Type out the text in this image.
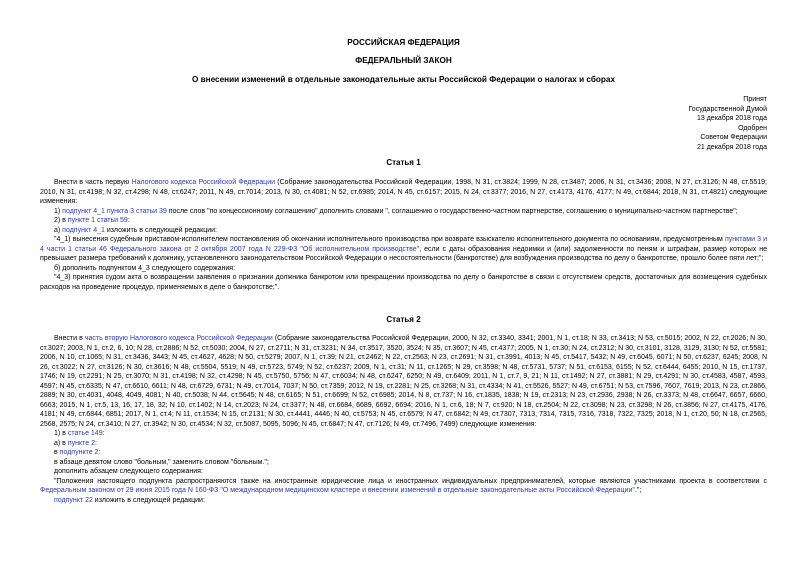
РОССИЙСКАЯ ФЕДЕРАЦИЯ
ФЕДЕРАЛЬНЫЙ ЗАКОН
О внесении изменений в отдельные законодательные акты Российской Федерации о налогах и сборах
Принят
Государственной Думой
13 декабря 2018 года
Одобрен
Советом Федерации
21 декабря 2018 года
Статья 1

Внести в часть первую Налогового кодекса Российской Федерации (Собрание законодательства Российской Федерации, 1998, N 31, ст.3824; 1999, N 28, ст.3487; 2006, N 31, ст.3436; 2008, N 27, ст.3126; N 48, ст.5519; 2010, N 31, ст.4198; N 32, ст.4298; N 48, ст.6247; 2011, N 49, ст.7014; 2013, N 30, ст.4081; N 52, ст.6985; 2014, N 45, ст.6157; 2015, N 24, ст.3377; 2016, N 27, ст.4173, 4176, 4177; N 49, ст.6844; 2018, N 31, ст.4821) следующие изменения:

1) подпункт 4_1 пункта 3 статьи 39 после слов "по концессионному соглашению" дополнить словами ", соглашению о государственно-частном партнерстве, соглашению о муниципально-частном партнерстве";

2) в пункте 1 статьи 59:

а) подпункт 4_1 изложить в следующей редакции:

"4_1) вынесения судебным приставом-исполнителем постановления об окончании исполнительного производства при возврате взыскателю исполнительного документа по основаниям, предусмотренным пунктами 3 и 4 части 1 статьи 46 Федерального закона от 2 октября 2007 года N 229-ФЗ "Об исполнительном производстве", если с даты образования недоимки и (или) задолженности по пеням и штрафам, размер которых не превышает размера требований к должнику, установленного законодательством Российской Федерации о несостоятельности (банкротстве) для возбуждения производства по делу о банкротстве, прошло более пяти лет;";

б) дополнить подпунктом 4_3 следующего содержания:

"4_3) принятия судом акта о возвращении заявления о признании должника банкротом или прекращении производства по делу о банкротстве в связи с отсутствием средств, достаточных для возмещения судебных расходов на проведение процедур, применяемых в деле о банкротстве;".

Статья 2

Внести в часть вторую Налогового кодекса Российской Федерации (Собрание законодательства Российской Федерации, 2000, N 32, ст.3340, 3341; 2001, N 1, ст.18; N 33, ст.3413; N 53, ст.5015; 2002, N 22, ст.2026; N 30, ст.3027; 2003, N 1, ст.2, 6, 10; N 28, ст.2886; N 52, ст.5030; 2004, N 27, ст.2711; N 31, ст.3231; N 34, ст.3517, 3520, 3524; N 35, ст.3607; N 45, ст.4377; 2005, N 1, ст.30; N 24, ст.2312; N 30, ст.3101, 3128, 3129, 3130; N 52, ст.5581; 2006, N 10, ст.1065; N 31, ст.3436, 3443; N 45, ст.4627, 4628; N 50, ст.5279; 2007, N 1, ст.39; N 21, ст.2462; N 22, ст.2563; N 23, ст.2691; N 31, ст.3991, 4013; N 45, ст.5417, 5432; N 49, ст.6045, 6071; N 50, ст.6237, 6245; 2008, N 26, ст.3022; N 27, ст.3126; N 30, ст.3616; N 48, ст.5504, 5519; N 49, ст.5723, 5749; N 52, ст.6237; 2009, N 1, ст.31; N 11, ст.1265; N 29, ст.3598; N 48, ст.5731, 5737; N 51, ст.6153, 6155; N 52, ст.6444, 6455; 2010, N 15, ст.1737, 1746; N 19, ст.2291; N 25, ст.3070; N 31, ст.4198; N 32, ст.4298; N 45, ст.5750, 5756; N 47, ст.6034; N 48, ст.6247, 6250; N 49, ст.6409; 2011, N 1, ст.7, 9, 21; N 11, ст.1492; N 27, ст.3881; N 29, ст.4291; N 30, ст.4583, 4587, 4593, 4597; N 45, ст.6335; N 47, ст.6610, 6611; N 48, ст.6729, 6731; N 49, ст.7014, 7037; N 50, ст.7359; 2012, N 19, ст.2281; N 25, ст.3268; N 31, ст.4334; N 41, ст.5526, 5527; N 49, ст.6751; N 53, ст.7596, 7607, 7619; 2013, N 23, ст.2866, 2889; N 30, ст.4031, 4048, 4049, 4081; N 40, ст.5038; N 44, ст.5645; N 48, ст.6165; N 51, ст.6699; N 52, ст.6985; 2014, N 8, ст.737; N 16, ст.1835, 1838; N 19, ст.2313; N 23, ст.2936, 2938; N 26, ст.3373; N 48, ст.6647, 6657, 6660, 6663; 2015, N 1, ст.5, 13, 16, 17, 18, 32; N 10, ст.1402; N 14, ст.2023; N 24, ст.3377; N 48, ст.6684, 6689, 6692, 6694; 2016, N 1, ст.6, 18; N 7, ст.920; N 18, ст.2504; N 22, ст.3098; N 23, ст.3298; N 26, ст.3856; N 27, ст.4175, 4176, 4181; N 49, ст.6844, 6851; 2017, N 1, ст.4; N 11, ст.1534; N 15, ст.2131; N 30, ст.4441, 4446; N 40, ст.5753; N 45, ст.6579; N 47, ст.6842; N 49, ст.7307, 7313, 7314, 7315, 7316, 7318, 7322, 7325; 2018, N 1, ст.20, 50; N 18, ст.2565, 2568, 2575; N 24, ст.3410; N 27, ст.3942; N 30, ст.4534; N 32, ст.5087, 5095, 5096; N 45, ст.6847; N 47, ст.7126; N 49, ст.7496, 7499) следующие изменения:

1) в статье 149:

а) в пункте 2:

в подпункте 2:

в абзаце девятом слово "больным," заменить словом "больным.";

дополнить абзацем следующего содержания:

"Положения настоящего подпункта распространяются также на иностранные юридические лица и иностранных индивидуальных предпринимателей, которые являются участниками проекта в соответствии с Федеральным законом от 29 июня 2015 года N 160-ФЗ "О международном медицинском кластере и внесении изменений в отдельные законодательные акты Российской Федерации".";

подпункт 22 изложить в следующей редакции:
